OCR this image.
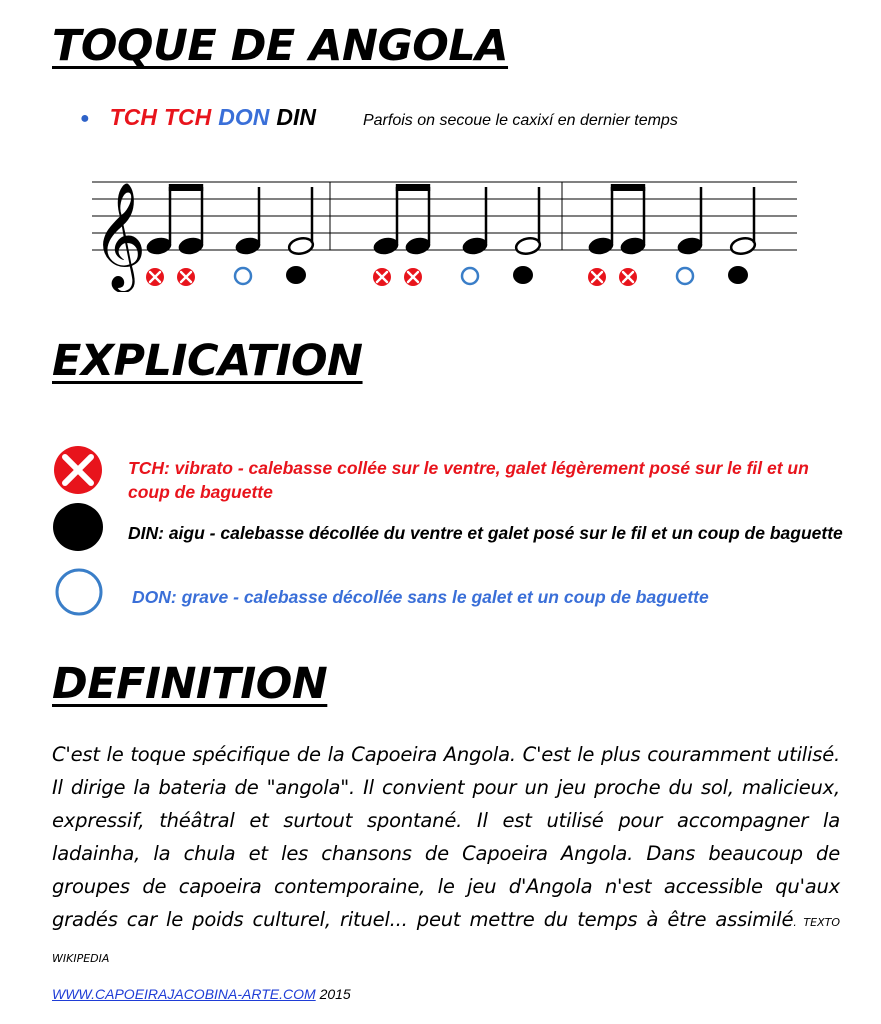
TOQUE DE ANGOLA
● TCH TCH DON DIN	Parfois on secoue le caxixí en dernier temps
𝄞
EXPLICATION

TCH: vibrato - calebasse collée sur le ventre, galet légèrement posé sur le fil et un coup de baguette

DIN: aigu - calebasse décollée du ventre et galet posé sur le fil et un coup de baguette

DON: grave - calebasse décollée sans le galet et un coup de baguette

DEFINITION

C'est le toque spécifique de la Capoeira Angola. C'est le plus couramment utilisé. Il dirige la bateria de "angola". Il convient pour un jeu proche du sol, malicieux, expressif, théâtral et surtout spontané. Il est utilisé pour accompagner la ladainha, la chula et les chansons de Capoeira Angola. Dans beaucoup de groupes de capoeira contemporaine, le jeu d'Angola n'est accessible qu'aux gradés car le poids culturel, rituel... peut mettre du temps à être assimilé. TEXTO WIKIPEDIA

WWW.CAPOEIRAJACOBINA-ARTE.COM 2015
